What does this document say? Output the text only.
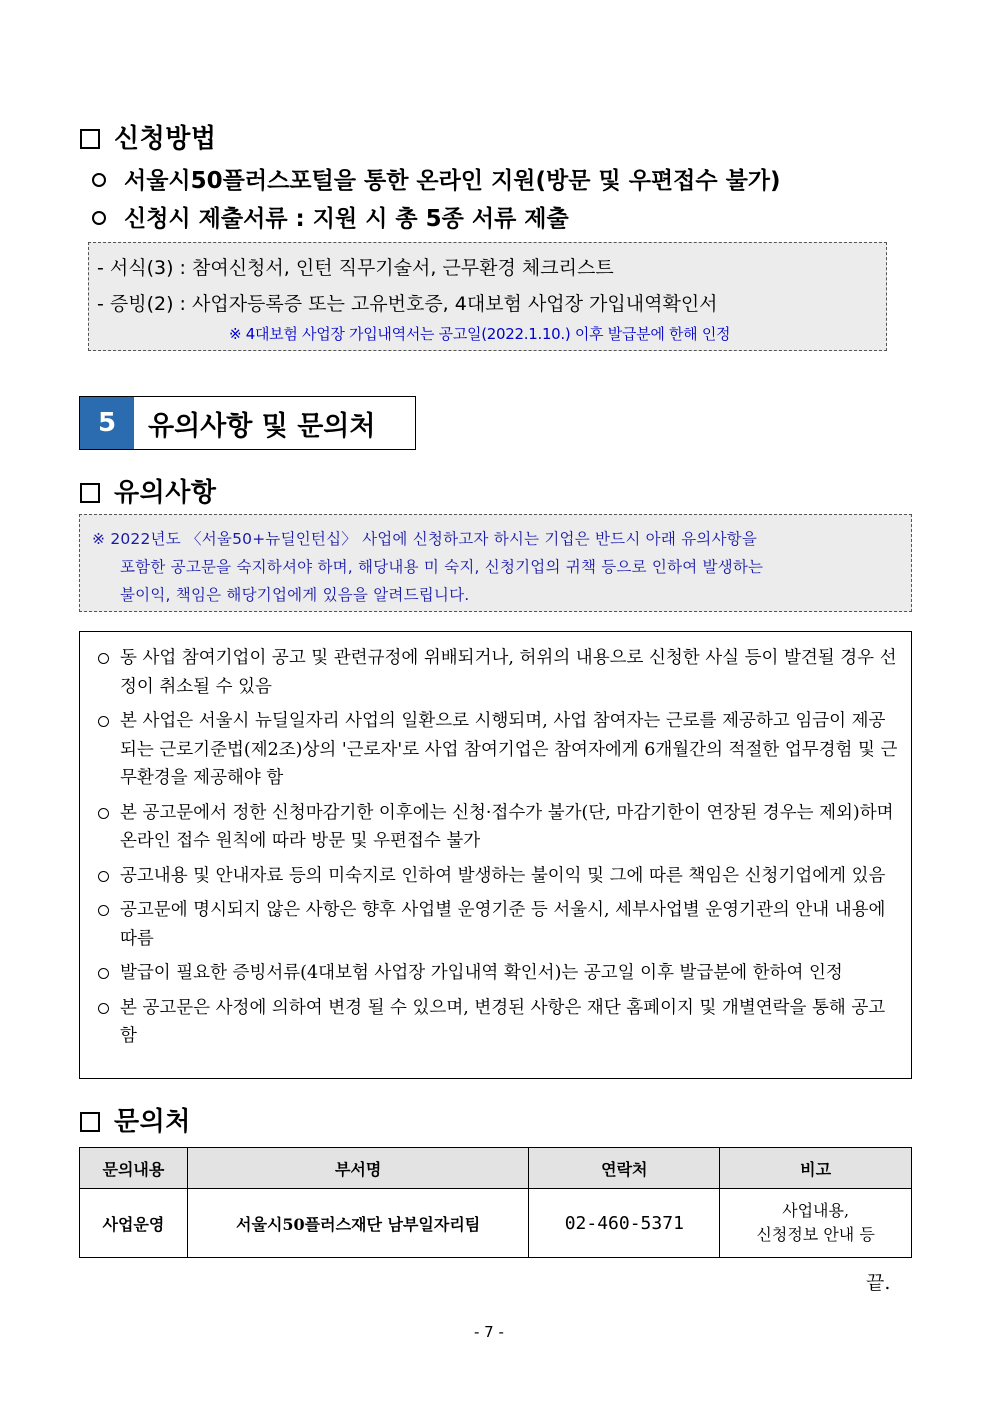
신청방법
서울시50플러스포털을 통한 온라인 지원(방문 및 우편접수 불가)
신청시 제출서류 : 지원 시 총 5종 서류 제출
- 서식(3) : 참여신청서, 인턴 직무기술서, 근무환경 체크리스트
- 증빙(2) : 사업자등록증 또는 고유번호증, 4대보험 사업장 가입내역확인서
※ 4대보험 사업장 가입내역서는 공고일(2022.1.10.) 이후 발급분에 한해 인정
5	유의사항 및 문의처
유의사항
※ 2022년도 〈서울50+뉴딜인턴십〉 사업에 신청하고자 하시는 기업은 반드시 아래 유의사항을
포함한 공고문을 숙지하셔야 하며, 해당내용 미 숙지, 신청기업의 귀책 등으로 인하여 발생하는
불이익, 책임은 해당기업에게 있음을 알려드립니다.
동 사업 참여기업이 공고 및 관련규정에 위배되거나, 허위의 내용으로 신청한 사실 등이 발견될 경우 선정이 취소될 수 있음
본 사업은 서울시 뉴딜일자리 사업의 일환으로 시행되며, 사업 참여자는 근로를 제공하고 임금이 제공되는 근로기준법(제2조)상의 '근로자'로 사업 참여기업은 참여자에게 6개월간의 적절한 업무경험 및 근무환경을 제공해야 함
본 공고문에서 정한 신청마감기한 이후에는 신청·접수가 불가(단, 마감기한이 연장된 경우는 제외)하며 온라인 접수 원칙에 따라 방문 및 우편접수 불가
공고내용 및 안내자료 등의 미숙지로 인하여 발생하는 불이익 및 그에 따른 책임은 신청기업에게 있음
공고문에 명시되지 않은 사항은 향후 사업별 운영기준 등 서울시, 세부사업별 운영기관의 안내 내용에 따름
발급이 필요한 증빙서류(4대보험 사업장 가입내역 확인서)는 공고일 이후 발급분에 한하여 인정
본 공고문은 사정에 의하여 변경 될 수 있으며, 변경된 사항은 재단 홈페이지 및 개별연락을 통해 공고함
문의처
문의내용	부서명	연락처	비고
사업운영	서울시50플러스재단 남부일자리팀	02-460-5371	사업내용,
신청정보 안내 등
끝.
- 7 -
